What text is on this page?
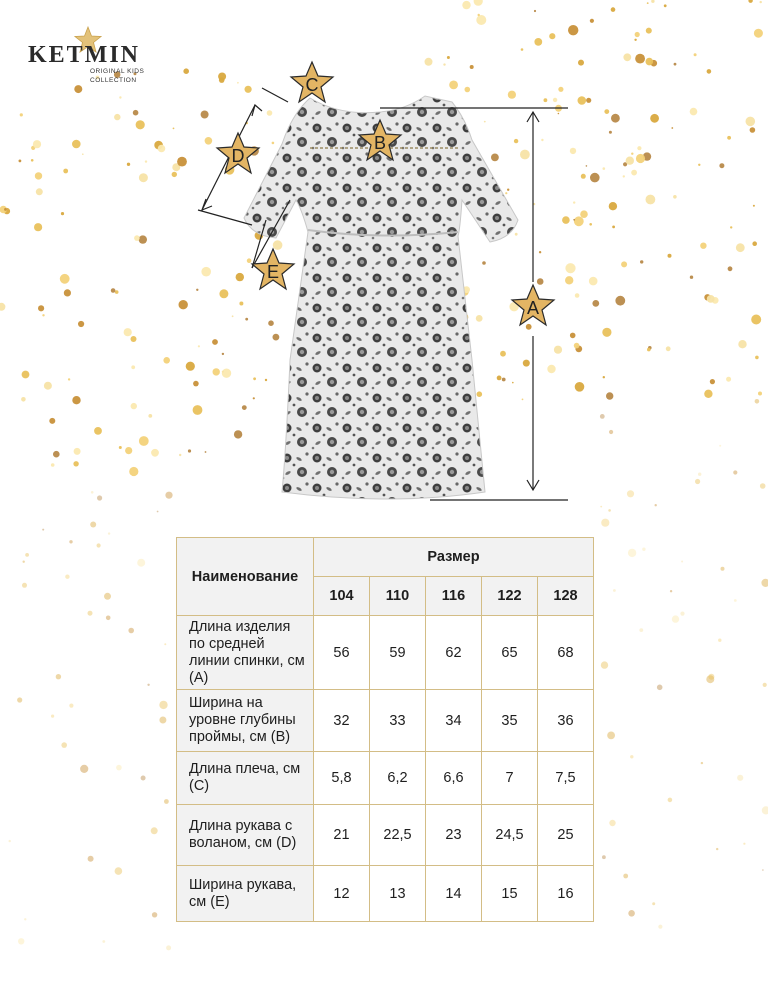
KETMIN
ORIGINAL KIDS
COLLECTION	C
B
D
E
A
Наименование	Размер				
	104	110	116	122	128
Длина изделия по средней линии спинки, см (А)	56	59	62	65	68
Ширина на уровне глубины проймы, см (В)	32	33	34	35	36
Длина плеча, см (С)	5,8	6,2	6,6	7	7,5
Длина рукава с воланом, см (D)	21	22,5	23	24,5	25
Ширина рукава, см (Е)	12	13	14	15	16
